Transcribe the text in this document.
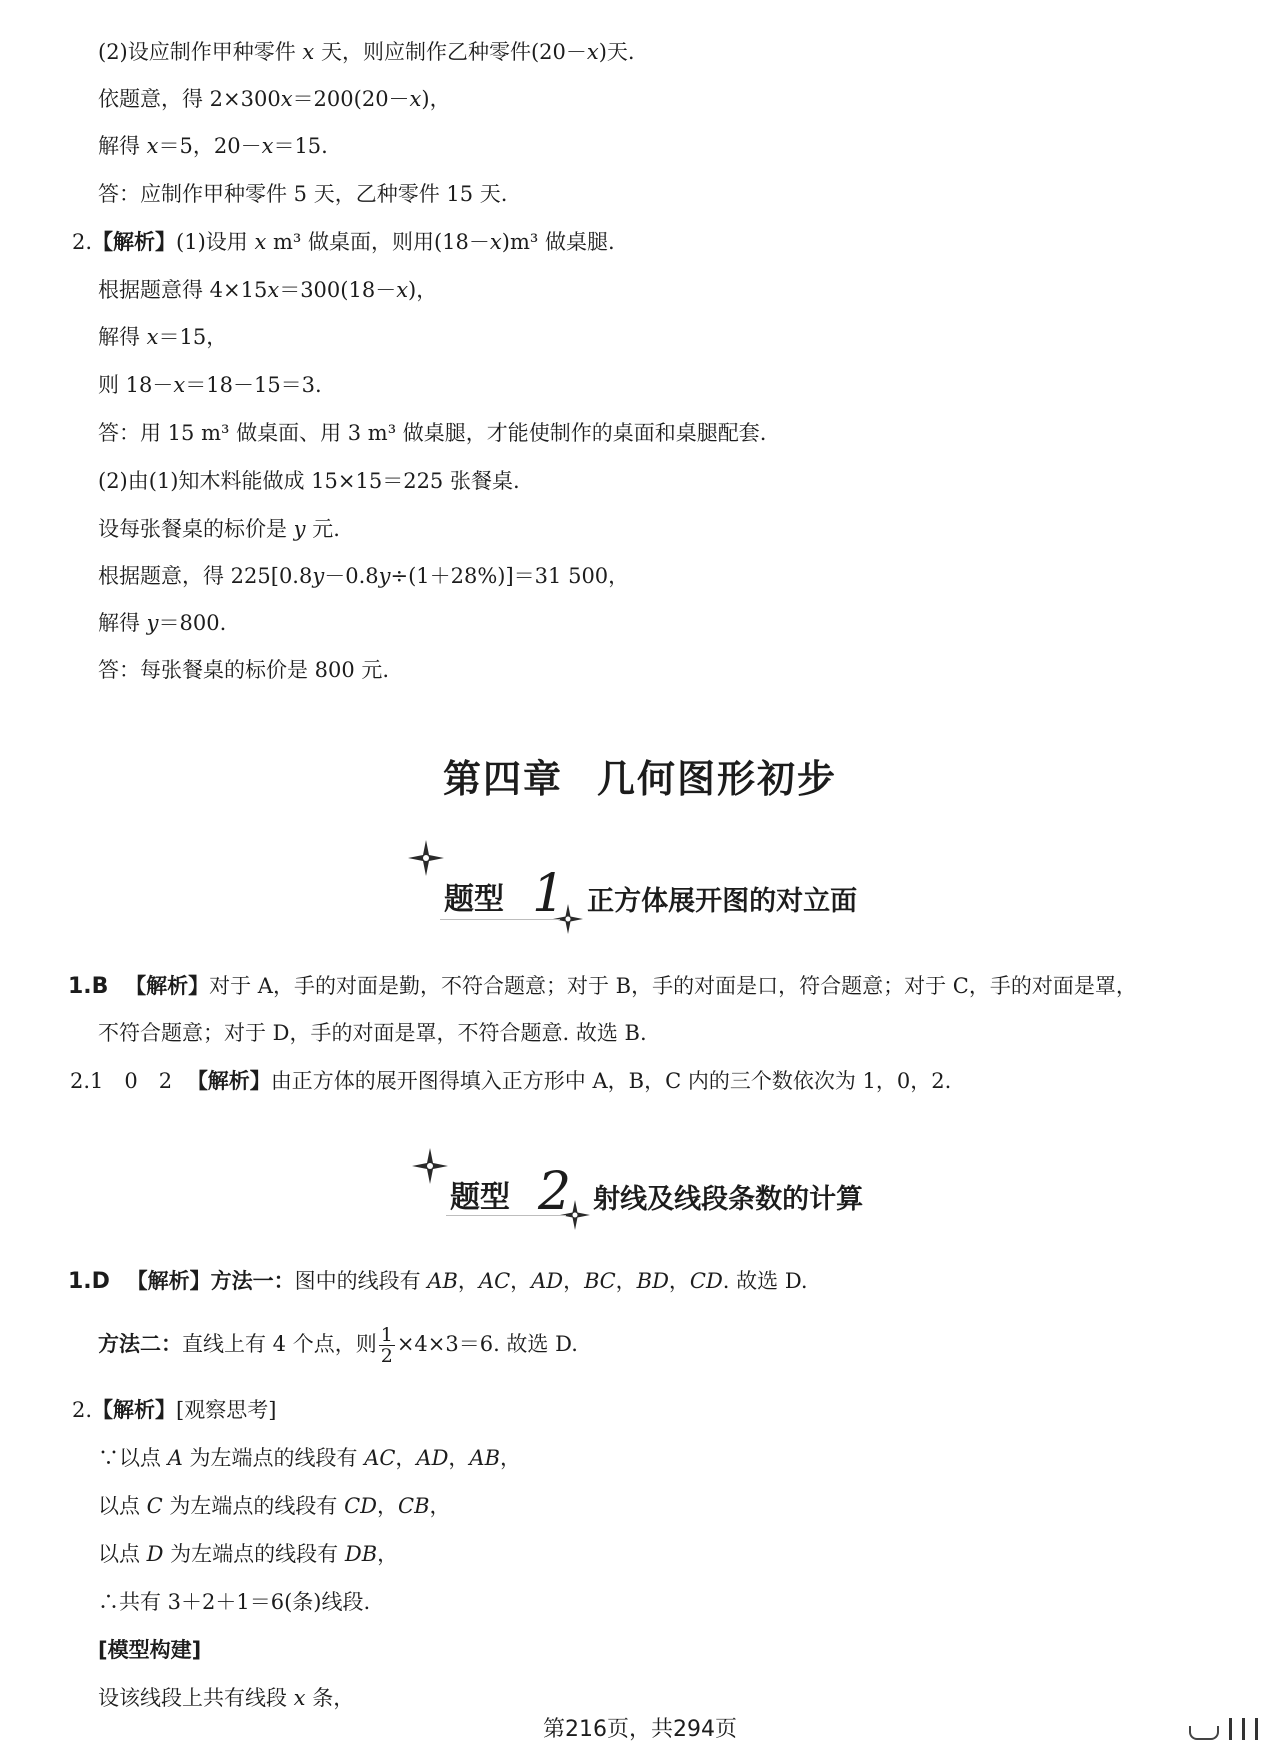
(2)设应制作甲种零件 𝑥 天，则应制作乙种零件(20－𝑥)天.
依题意，得 2×300𝑥＝200(20－𝑥)，
解得 𝑥＝5，20－𝑥＝15.
答：应制作甲种零件 5 天，乙种零件 15 天.
2.【解析】(1)设用 𝑥 m³ 做桌面，则用(18－𝑥)m³ 做桌腿.
根据题意得 4×15𝑥＝300(18－𝑥)，
解得 𝑥＝15，
则 18－𝑥＝18－15＝3.
答：用 15 m³ 做桌面、用 3 m³ 做桌腿，才能使制作的桌面和桌腿配套.
(2)由(1)知木料能做成 15×15＝225 张餐桌.
设每张餐桌的标价是 𝑦 元.
根据题意，得 225[0.8𝑦－0.8𝑦÷(1＋28%)]＝31 500，
解得 𝑦＝800.
答：每张餐桌的标价是 800 元.
第四章 几何图形初步
题型 1 正方体展开图的对立面
1.B 【解析】对于 A，手的对面是勤，不符合题意；对于 B，手的对面是口，符合题意；对于 C，手的对面是罩，
不符合题意；对于 D，手的对面是罩，不符合题意. 故选 B.
2.1　0　2 【解析】由正方体的展开图得填入正方形中 A，B，C 内的三个数依次为 1，0，2.
题型 2 射线及线段条数的计算
1.D 【解析】方法一：图中的线段有 𝐴𝐵，𝐴𝐶，𝐴𝐷，𝐵𝐶，𝐵𝐷，𝐶𝐷. 故选 D.
方法二：直线上有 4 个点，则 $\frac{1}{2} \times 4\times 3=6$. 故选 D.
2.【解析】[观察思考]
∵以点 𝐴 为左端点的线段有 𝐴𝐶，𝐴𝐷，𝐴𝐵，
以点 𝐶 为左端点的线段有 𝐶𝐷，𝐶𝐵，
以点 𝐷 为左端点的线段有 𝐷𝐵，
∴共有 3＋2＋1＝6(条)线段.
[模型构建]
设该线段上共有线段 𝑥 条，
第216页，共294页
